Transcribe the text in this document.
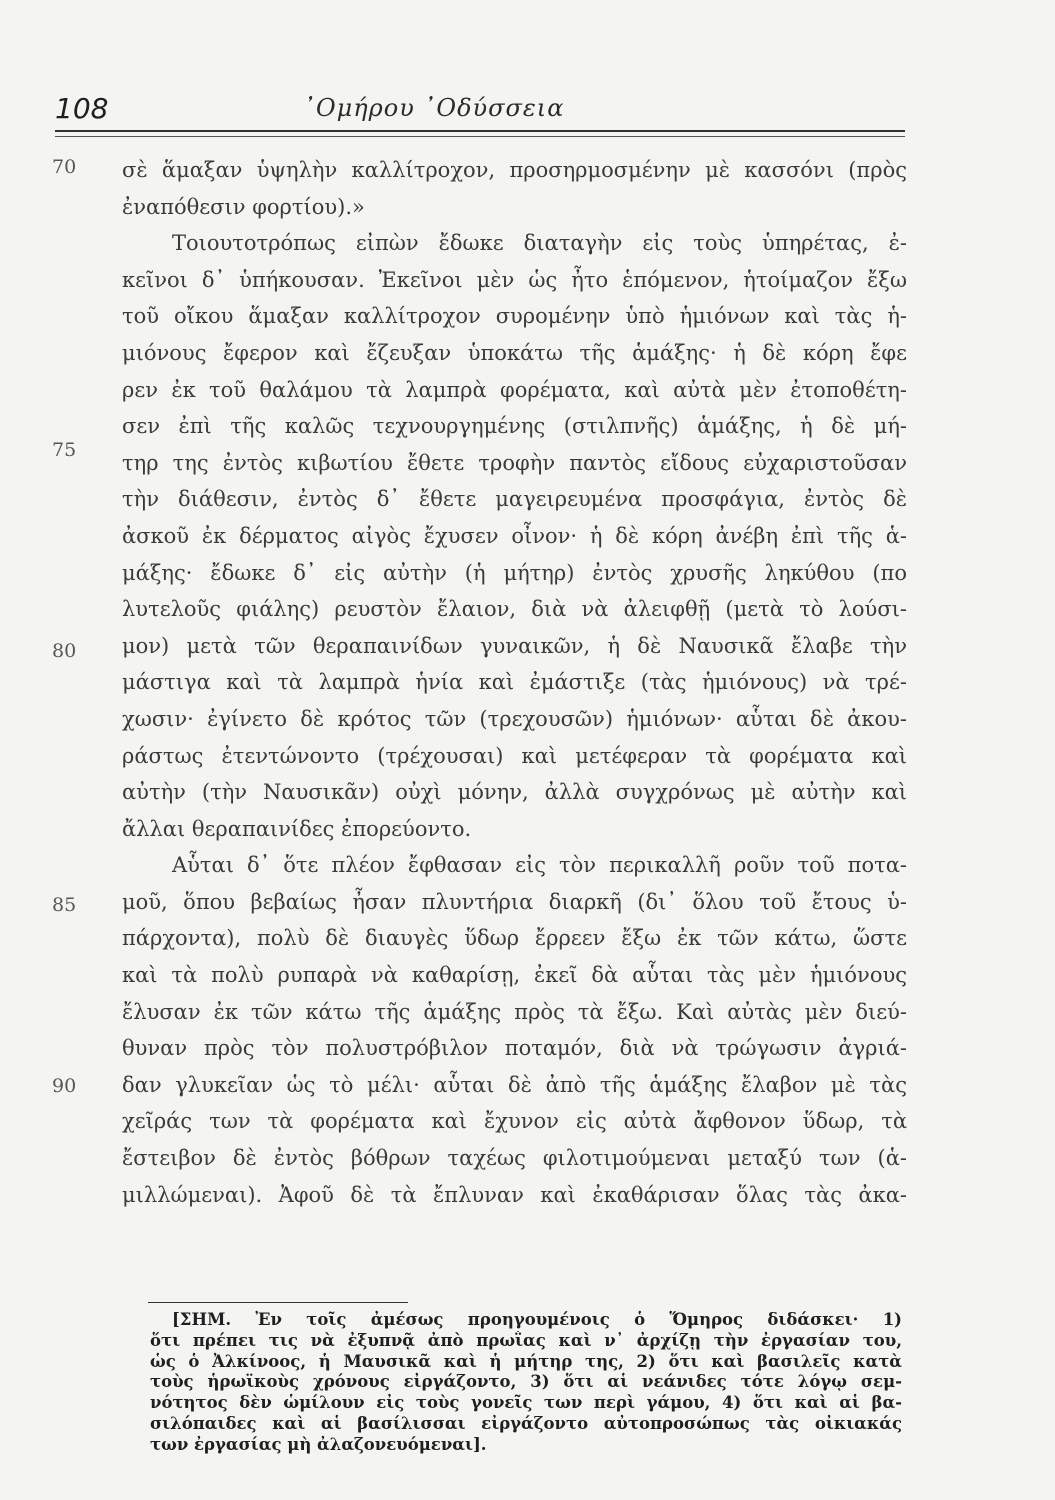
108	᾿Ομήρου ᾿Οδύσσεια
70
75
80
85
90
σὲ ἅμαξαν ὑψηλὴν καλλίτροχον, προσηρμοσμένην μὲ κασσόνι (πρὸς
ἐναπόθεσιν φορτίου).»
Τοιουτοτρόπως εἰπὼν ἔδωκε διαταγὴν εἰς τοὺς ὑπηρέτας, ἐ-
κεῖνοι δ᾿ ὑπήκουσαν. Ἐκεῖνοι μὲν ὡς ἦτο ἑπόμενον, ἡτοίμαζον ἔξω
τοῦ οἴκου ἅμαξαν καλλίτροχον συρομένην ὑπὸ ἡμιόνων καὶ τὰς ἡ-
μιόνους ἔφερον καὶ ἔζευξαν ὑποκάτω τῆς ἁμάξης· ἡ δὲ κόρη ἔφε
ρεν ἐκ τοῦ θαλάμου τὰ λαμπρὰ φορέματα, καὶ αὐτὰ μὲν ἐτοποθέτη-
σεν ἐπὶ τῆς καλῶς τεχνουργημένης (στιλπνῆς) ἁμάξης, ἡ δὲ μή-
τηρ της ἐντὸς κιβωτίου ἔθετε τροφὴν παντὸς εἴδους εὐχαριστοῦσαν
τὴν διάθεσιν, ἐντὸς δ᾿ ἔθετε μαγειρευμένα προσφάγια, ἐντὸς δὲ
ἀσκοῦ ἐκ δέρματος αἰγὸς ἔχυσεν οἶνον· ἡ δὲ κόρη ἀνέβη ἐπὶ τῆς ἁ-
μάξης· ἔδωκε δ᾿ εἰς αὐτὴν (ἡ μήτηρ) ἐντὸς χρυσῆς ληκύθου (πο
λυτελοῦς φιάλης) ρευστὸν ἔλαιον, διὰ νὰ ἀλειφθῇ (μετὰ τὸ λούσι-
μον) μετὰ τῶν θεραπαινίδων γυναικῶν, ἡ δὲ Ναυσικᾶ ἔλαβε τὴν
μάστιγα καὶ τὰ λαμπρὰ ἡνία καὶ ἐμάστιξε (τὰς ἡμιόνους) νὰ τρέ-
χωσιν· ἐγίνετο δὲ κρότος τῶν (τρεχουσῶν) ἡμιόνων· αὗται δὲ ἀκου-
ράστως ἐτεντώνοντο (τρέχουσαι) καὶ μετέφεραν τὰ φορέματα καὶ
αὐτὴν (τὴν Ναυσικᾶν) οὐχὶ μόνην, ἀλλὰ συγχρόνως μὲ αὐτὴν καὶ
ἄλλαι θεραπαινίδες ἐπορεύοντο.
Αὗται δ᾿ ὅτε πλέον ἔφθασαν εἰς τὸν περικαλλῆ ροῦν τοῦ ποτα-
μοῦ, ὅπου βεβαίως ἦσαν πλυντήρια διαρκῆ (δι᾿ ὅλου τοῦ ἔτους ὑ-
πάρχοντα), πολὺ δὲ διαυγὲς ὕδωρ ἔρρεεν ἔξω ἐκ τῶν κάτω, ὥστε
καὶ τὰ πολὺ ρυπαρὰ νὰ καθαρίσῃ, ἐκεῖ δὰ αὗται τὰς μὲν ἡμιόνους
ἔλυσαν ἐκ τῶν κάτω τῆς ἁμάξης πρὸς τὰ ἔξω. Καὶ αὐτὰς μὲν διεύ-
θυναν πρὸς τὸν πολυστρόβιλον ποταμόν, διὰ νὰ τρώγωσιν ἀγριά-
δαν γλυκεῖαν ὡς τὸ μέλι· αὗται δὲ ἀπὸ τῆς ἁμάξης ἔλαβον μὲ τὰς
χεῖράς των τὰ φορέματα καὶ ἔχυνον εἰς αὐτὰ ἄφθονον ὕδωρ, τὰ
ἔστειβον δὲ ἐντὸς βόθρων ταχέως φιλοτιμούμεναι μεταξύ των (ἁ-
μιλλώμεναι). Ἀφοῦ δὲ τὰ ἔπλυναν καὶ ἐκαθάρισαν ὅλας τὰς ἀκα-
[ΣΗΜ. Ἐν τοῖς ἀμέσως προηγουμένοις ὁ Ὅμηρος διδάσκει· 1)
ὅτι πρέπει τις νὰ ἐξυπνᾷ ἀπὸ πρωΐας καὶ ν᾿ ἀρχίζῃ τὴν ἐργασίαν του,
ὡς ὁ Ἀλκίνοος, ἡ Μαυσικᾶ καὶ ἡ μήτηρ της, 2) ὅτι καὶ βασιλεῖς κατὰ
τοὺς ἡρωϊκοὺς χρόνους εἰργάζοντο, 3) ὅτι αἱ νεάνιδες τότε λόγῳ σεμ-
νότητος δὲν ὡμίλουν εἰς τοὺς γονεῖς των περὶ γάμου, 4) ὅτι καὶ αἱ βα-
σιλόπαιδες καὶ αἱ βασίλισσαι εἰργάζοντο αὐτοπροσώπως τὰς οἰκιακάς
των ἐργασίας μὴ ἀλαζονευόμεναι].
